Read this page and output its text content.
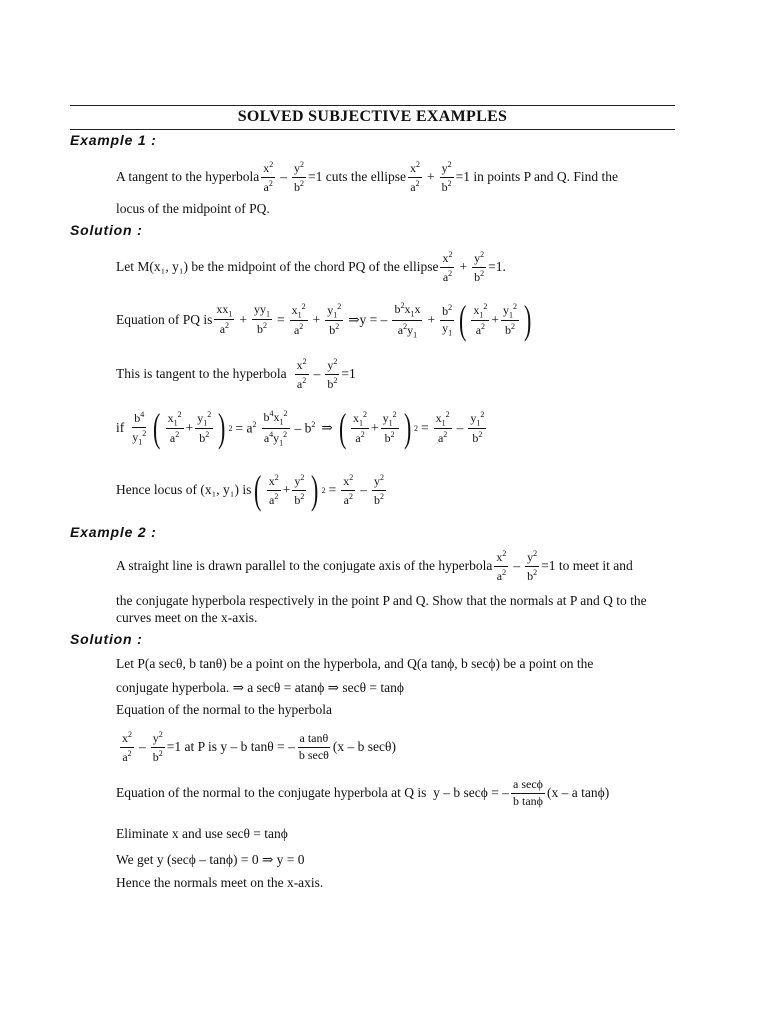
SOLVED SUBJECTIVE EXAMPLES
Example 1 :
A tangent to the hyperbola $\frac{x^2}{a^2} - \frac{y^2}{b^2} =1$ cuts the ellipse $\frac{x^2}{a^2} + \frac{y^2}{b^2} =1$ in points P and Q. Find the
locus of the midpoint of PQ.
Solution :
Let M(x₁, y₁) be the midpoint of the chord PQ of the ellipse $\frac{x^2}{a^2} + \frac{y^2}{b^2} =1$.
Equation of PQ is $\frac{xx_1}{a^2} + \frac{yy_1}{b^2} = \frac{x_1^2}{a^2} + \frac{y_1^2}{b^2}$ ⇒y = – $\frac{b^2x_1x}{a^2y_1} + \frac{b^2}{y_1}$ ( $\frac{x_1^2}{a^2} + \frac{y_1^2}{b^2}$ )
This is tangent to the hyperbola $\frac{x^2}{a^2} - \frac{y^2}{b^2} =1$
if $\frac{b^4}{y_1^2}$ ( $\frac{x_1^2}{a^2} + \frac{y_1^2}{b^2}$ ) $2 = a^2 \frac{b^4x_1^2}{a^4y_1^2} - b^2$ ⇒ ( $\frac{x_1^2}{a^2} + \frac{y_1^2}{b^2}$ ) $2 = \frac{x_1^2}{a^2} - \frac{y_1^2}{b^2}$
Hence locus of (x₁, y₁) is ( $\frac{x^2}{a^2} + \frac{y^2}{b^2}$ ) $2 = \frac{x^2}{a^2} - \frac{y^2}{b^2}$
Example 2 :
A straight line is drawn parallel to the conjugate axis of the hyperbola $\frac{x^2}{a^2} - \frac{y^2}{b^2} =1$ to meet it and
the conjugate hyperbola respectively in the point P and Q. Show that the normals at P and Q to the
curves meet on the x-axis.
Solution :
Let P(a secθ, b tanθ) be a point on the hyperbola, and Q(a tanϕ, b secϕ) be a point on the
conjugate hyperbola. ⇒ a secθ = atanϕ ⇒ secθ = tanϕ
Equation of the normal to the hyperbola
$\frac{x^2}{a^2} - \frac{y^2}{b^2} =1$ at P is y – b tanθ = – $\frac{\text{a tanθ}}{\text{b secθ}} (x$ – b secθ)
Equation of the normal to the conjugate hyperbola at Q is  y – b secϕ = – $\frac{\text{a secϕ}}{\text{b tanϕ}} (x$ – a tanϕ)
Eliminate x and use secθ = tanϕ
We get y (secϕ – tanϕ) = 0 ⇒ y = 0
Hence the normals meet on the x-axis.
